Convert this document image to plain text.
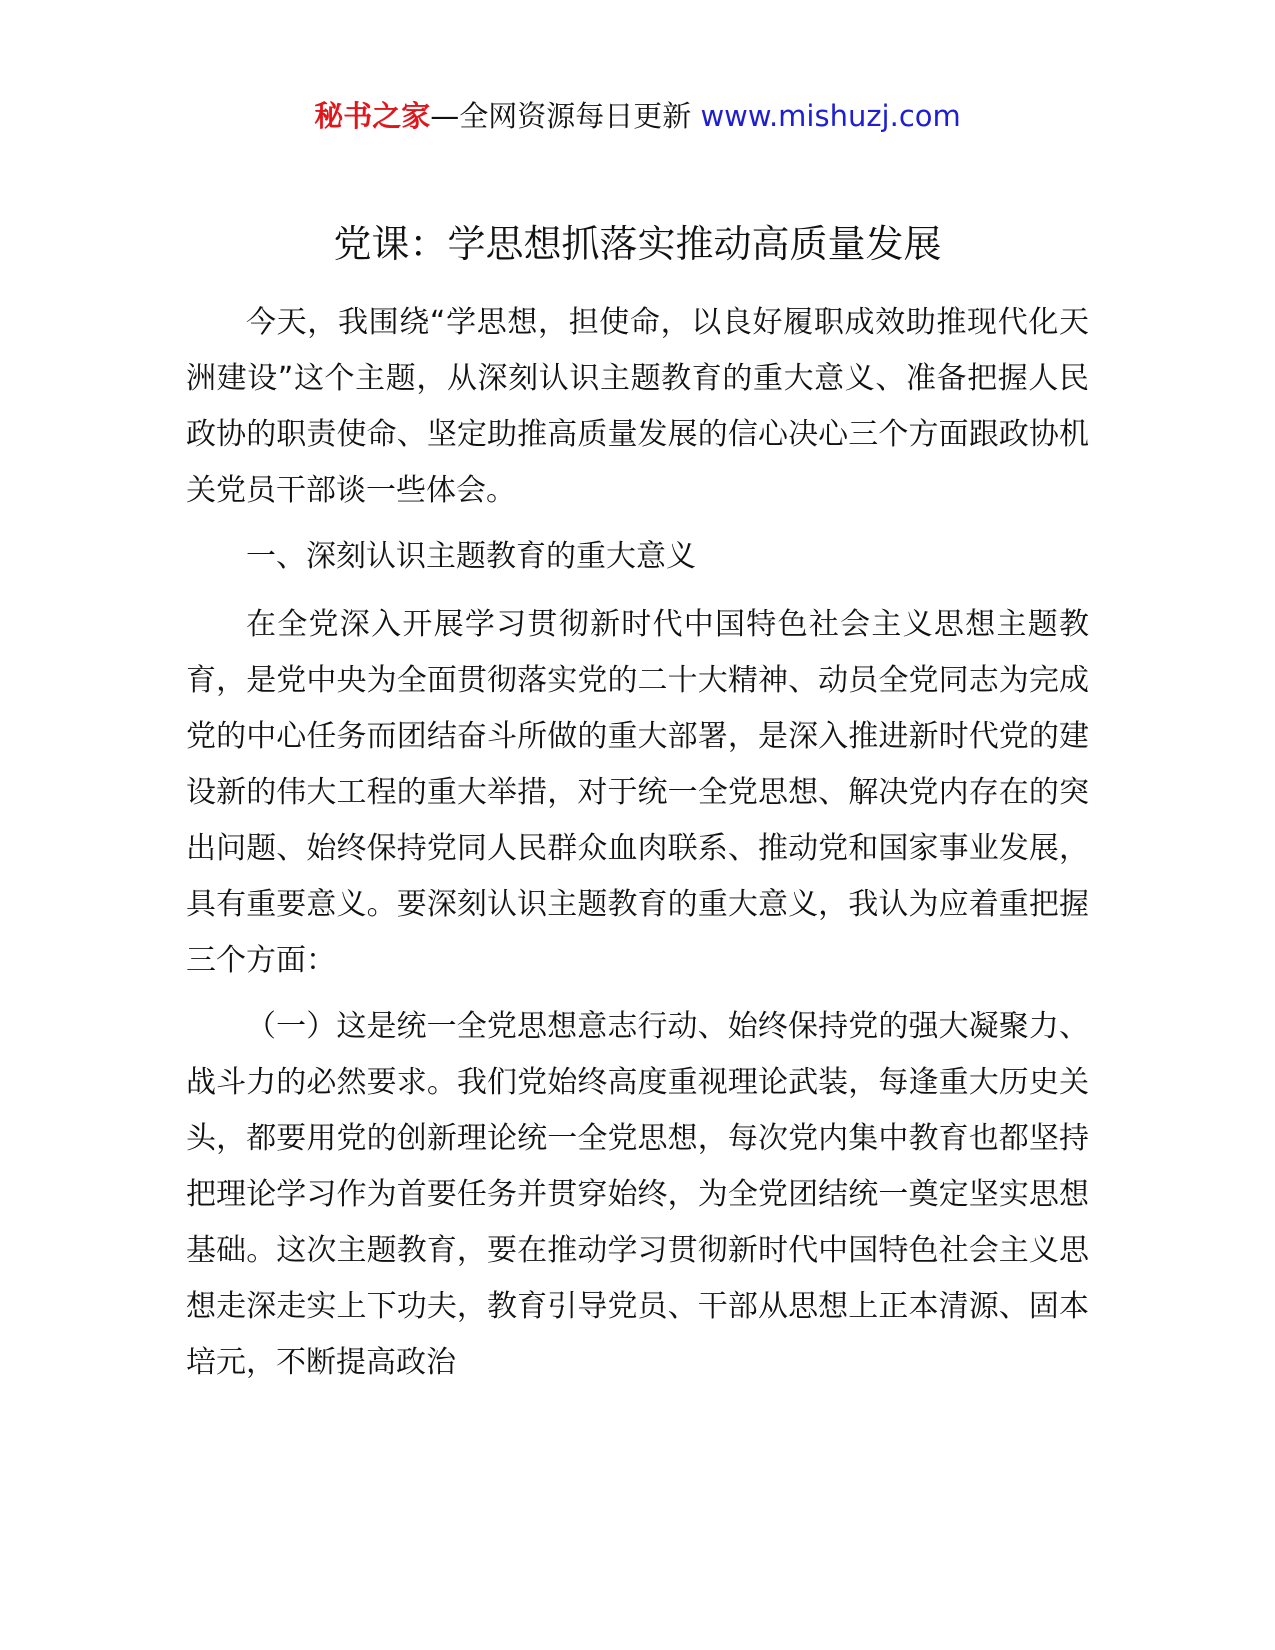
秘书之家—全网资源每日更新 www.mishuzj.com
党课：学思想抓落实推动高质量发展

今天，我围绕“学思想，担使命，以良好履职成效助推现代化天洲建设”这个主题，从深刻认识主题教育的重大意义、准备把握人民政协的职责使命、坚定助推高质量发展的信心决心三个方面跟政协机关党员干部谈一些体会。

一、深刻认识主题教育的重大意义

在全党深入开展学习贯彻新时代中国特色社会主义思想主题教育，是党中央为全面贯彻落实党的二十大精神、动员全党同志为完成党的中心任务而团结奋斗所做的重大部署，是深入推进新时代党的建设新的伟大工程的重大举措，对于统一全党思想、解决党内存在的突出问题、始终保持党同人民群众血肉联系、推动党和国家事业发展，具有重要意义。要深刻认识主题教育的重大意义，我认为应着重把握三个方面：

（一）这是统一全党思想意志行动、始终保持党的强大凝聚力、战斗力的必然要求。我们党始终高度重视理论武装，每逢重大历史关头，都要用党的创新理论统一全党思想，每次党内集中教育也都坚持把理论学习作为首要任务并贯穿始终，为全党团结统一奠定坚实思想基础。这次主题教育，要在推动学习贯彻新时代中国特色社会主义思想走深走实上下功夫，教育引导党员、干部从思想上正本清源、固本培元，不断提高政治
